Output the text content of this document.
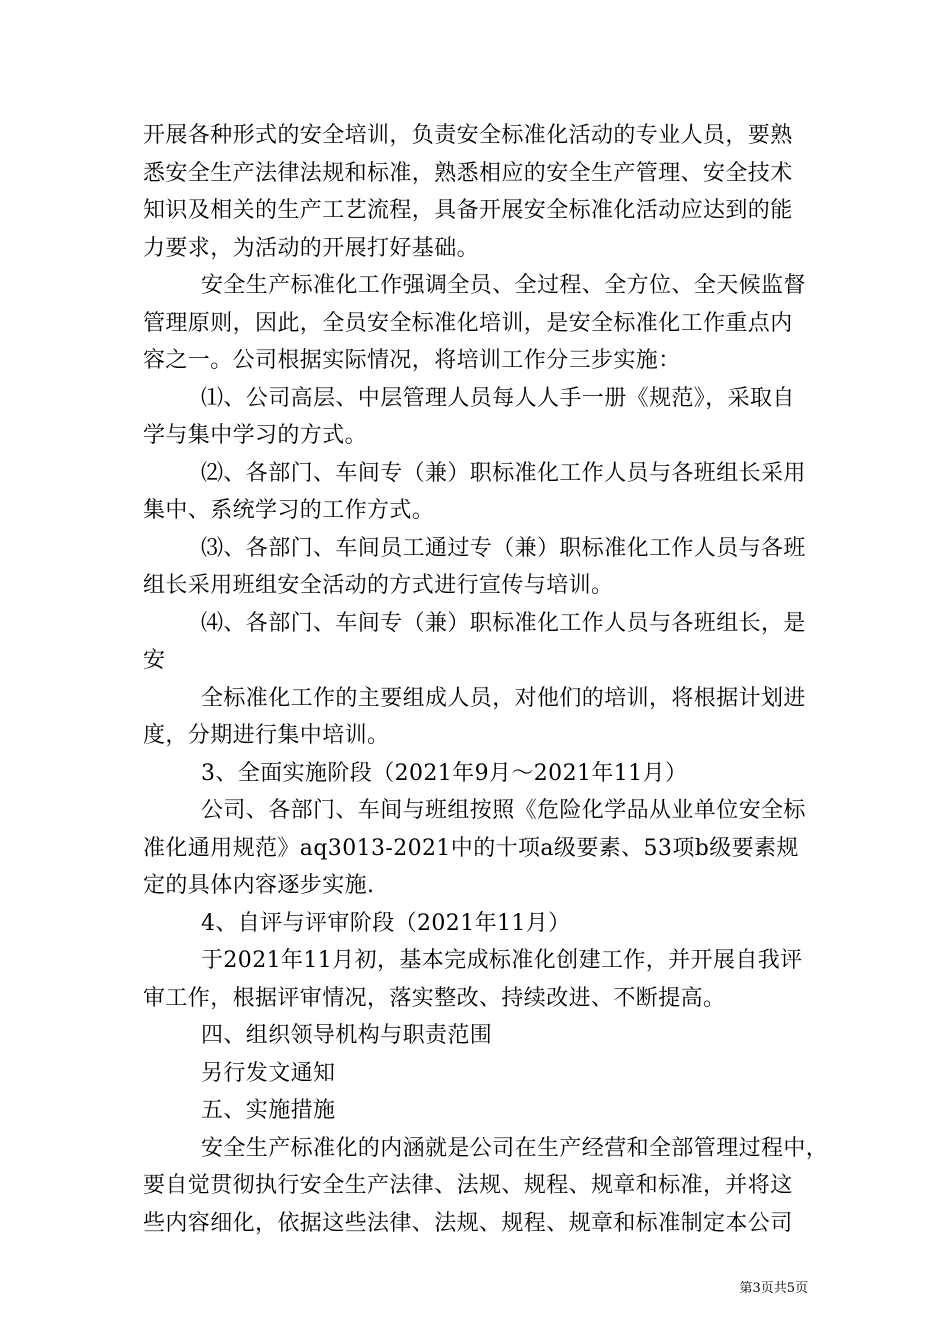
开展各种形式的安全培训，负责安全标准化活动的专业人员，要熟
悉安全生产法律法规和标准，熟悉相应的安全生产管理、安全技术
知识及相关的生产工艺流程，具备开展安全标准化活动应达到的能
力要求，为活动的开展打好基础。
安全生产标准化工作强调全员、全过程、全方位、全天候监督
管理原则，因此，全员安全标准化培训，是安全标准化工作重点内
容之一。公司根据实际情况，将培训工作分三步实施：
⑴、公司高层、中层管理人员每人人手一册《规范》，采取自
学与集中学习的方式。
⑵、各部门、车间专（兼）职标准化工作人员与各班组长采用
集中、系统学习的工作方式。
⑶、各部门、车间员工通过专（兼）职标准化工作人员与各班
组长采用班组安全活动的方式进行宣传与培训。
⑷、各部门、车间专（兼）职标准化工作人员与各班组长，是
安
全标准化工作的主要组成人员，对他们的培训，将根据计划进
度，分期进行集中培训。
3、全面实施阶段（2021年9月～2021年11月）
公司、各部门、车间与班组按照《危险化学品从业单位安全标
准化通用规范》aq3013-2021中的十项a级要素、53项b级要素规
定的具体内容逐步实施.
4、自评与评审阶段（2021年11月）
于2021年11月初，基本完成标准化创建工作，并开展自我评
审工作，根据评审情况，落实整改、持续改进、不断提高。
四、组织领导机构与职责范围
另行发文通知
五、实施措施
安全生产标准化的内涵就是公司在生产经营和全部管理过程中，
要自觉贯彻执行安全生产法律、法规、规程、规章和标准，并将这
些内容细化，依据这些法律、法规、规程、规章和标准制定本公司
第3页共5页
